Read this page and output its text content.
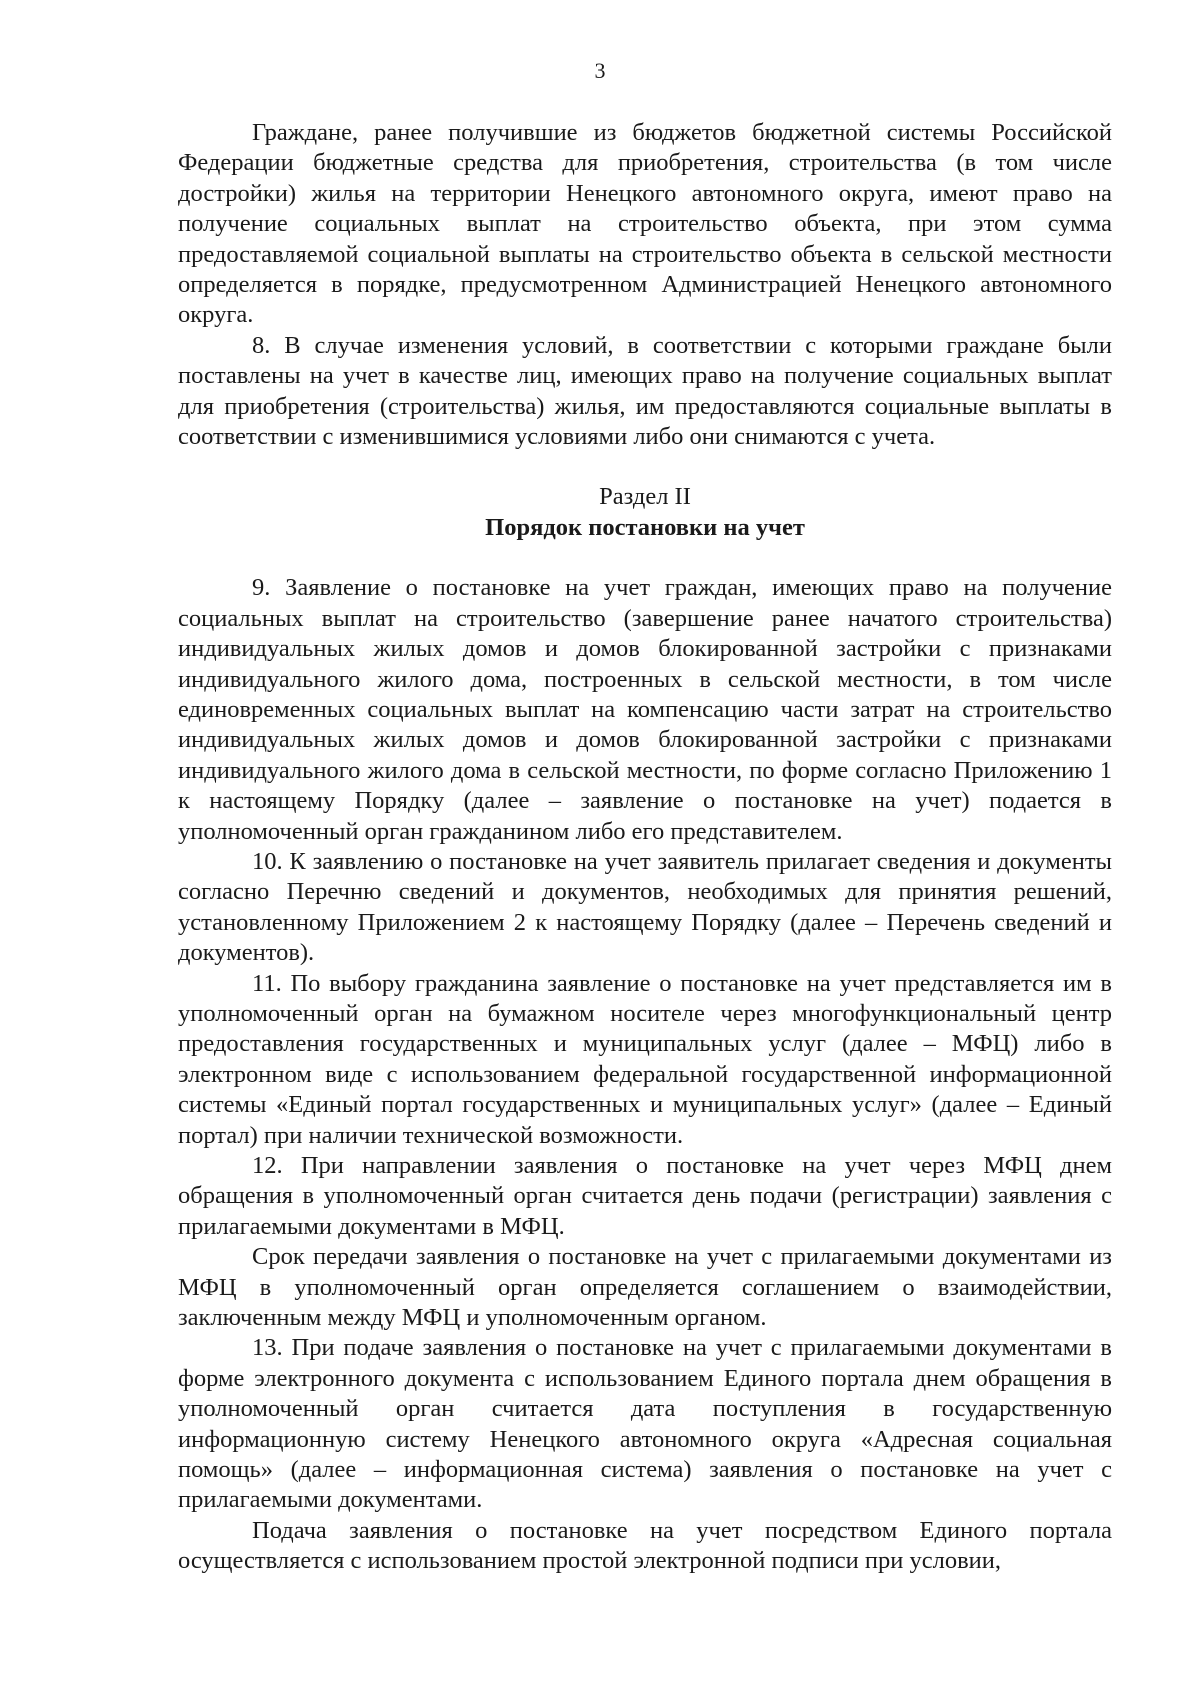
3

Граждане, ранее получившие из бюджетов бюджетной системы Российской Федерации бюджетные средства для приобретения, строительства (в том числе достройки) жилья на территории Ненецкого автономного округа, имеют право на получение социальных выплат на строительство объекта, при этом сумма предоставляемой социальной выплаты на строительство объекта в сельской местности определяется в порядке, предусмотренном Администрацией Ненецкого автономного округа.

8. В случае изменения условий, в соответствии с которыми граждане были поставлены на учет в качестве лиц, имеющих право на получение социальных выплат для приобретения (строительства) жилья, им предоставляются социальные выплаты в соответствии с изменившимися условиями либо они снимаются с учета.

Раздел II
Порядок постановки на учет

9. Заявление о постановке на учет граждан, имеющих право на получение социальных выплат на строительство (завершение ранее начатого строительства) индивидуальных жилых домов и домов блокированной застройки с признаками индивидуального жилого дома, построенных в сельской местности, в том числе единовременных социальных выплат на компенсацию части затрат на строительство индивидуальных жилых домов и домов блокированной застройки с признаками индивидуального жилого дома в сельской местности, по форме согласно Приложению 1 к настоящему Порядку (далее – заявление о постановке на учет) подается в уполномоченный орган гражданином либо его представителем.

10. К заявлению о постановке на учет заявитель прилагает сведения и документы согласно Перечню сведений и документов, необходимых для принятия решений, установленному Приложением 2 к настоящему Порядку (далее – Перечень сведений и документов).

11. По выбору гражданина заявление о постановке на учет представляется им в уполномоченный орган на бумажном носителе через многофункциональный центр предоставления государственных и муниципальных услуг (далее – МФЦ) либо в электронном виде с использованием федеральной государственной информационной системы «Единый портал государственных и муниципальных услуг» (далее – Единый портал) при наличии технической возможности.

12. При направлении заявления о постановке на учет через МФЦ днем обращения в уполномоченный орган считается день подачи (регистрации) заявления с прилагаемыми документами в МФЦ.

Срок передачи заявления о постановке на учет с прилагаемыми документами из МФЦ в уполномоченный орган определяется соглашением о взаимодействии, заключенным между МФЦ и уполномоченным органом.

13. При подаче заявления о постановке на учет с прилагаемыми документами в форме электронного документа с использованием Единого портала днем обращения в уполномоченный орган считается дата поступления в государственную информационную систему Ненецкого автономного округа «Адресная социальная помощь» (далее – информационная система) заявления о постановке на учет с прилагаемыми документами.

Подача заявления о постановке на учет посредством Единого портала осуществляется с использованием простой электронной подписи при условии,
